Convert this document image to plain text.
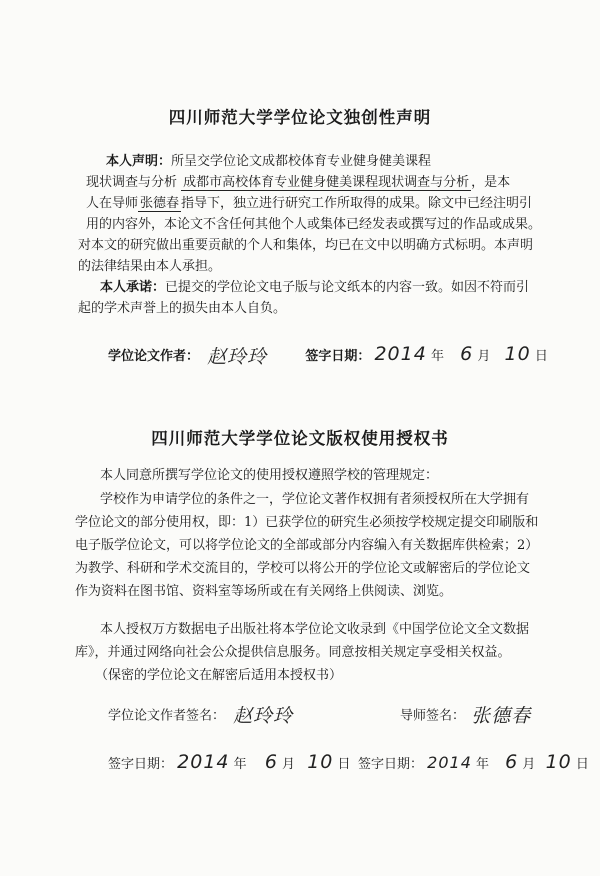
四川师范大学学位论文独创性声明
本人声明：所呈交学位论文成都校体育专业健身健美课程
现状调查与分析 成都市高校体育专业健身健美课程现状调查与分析 ，是本
人在导师 张德春 指导下，独立进行研究工作所取得的成果。除文中已经注明引
用的内容外，本论文不含任何其他个人或集体已经发表或撰写过的作品或成果。
对本文的研究做出重要贡献的个人和集体，均已在文中以明确方式标明。本声明
的法律结果由本人承担。
本人承诺：已提交的学位论文电子版与论文纸本的内容一致。如因不符而引
起的学术声誉上的损失由本人自负。
学位论文作者： 赵玲玲	签字日期： 2014 年 6 月 10 日
四川师范大学学位论文版权使用授权书
本人同意所撰写学位论文的使用授权遵照学校的管理规定：
学校作为申请学位的条件之一，学位论文著作权拥有者须授权所在大学拥有
学位论文的部分使用权，即：1）已获学位的研究生必须按学校规定提交印刷版和
电子版学位论文，可以将学位论文的全部或部分内容编入有关数据库供检索；2）
为教学、科研和学术交流目的，学校可以将公开的学位论文或解密后的学位论文
作为资料在图书馆、资料室等场所或在有关网络上供阅读、浏览。
本人授权万方数据电子出版社将本学位论文收录到《中国学位论文全文数据
库》，并通过网络向社会公众提供信息服务。同意按相关规定享受相关权益。
（保密的学位论文在解密后适用本授权书）
学位论文作者签名： 赵玲玲	导师签名： 张德春
签字日期： 2014 年 6 月 10 日 签字日期： 2014 年 6 月 10 日
